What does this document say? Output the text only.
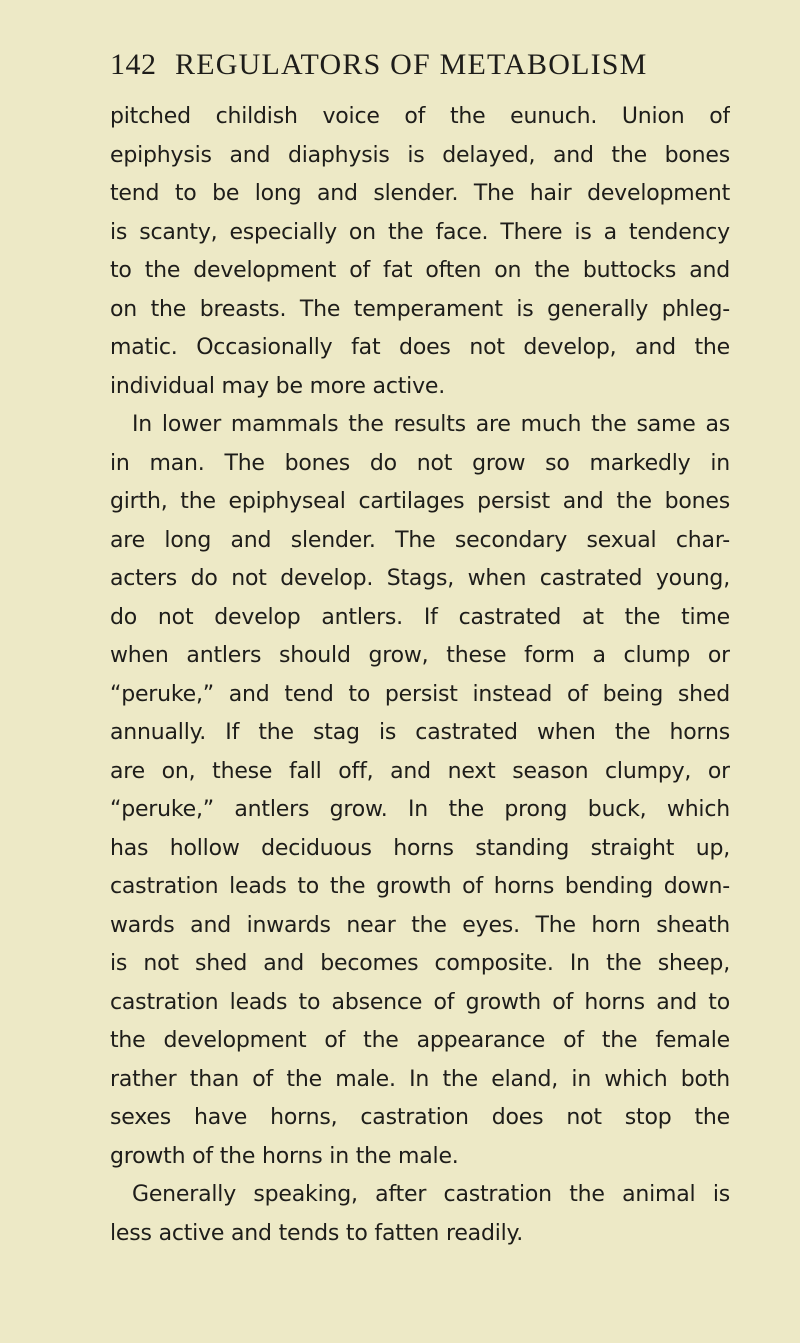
142 REGULATORS OF METABOLISM
pitched childish voice of the eunuch. Union of
epiphysis and diaphysis is delayed, and the bones
tend to be long and slender. The hair development
is scanty, especially on the face. There is a tendency
to the development of fat often on the buttocks and
on the breasts. The temperament is generally phleg-
matic. Occasionally fat does not develop, and the
individual may be more active.
In lower mammals the results are much the same as
in man. The bones do not grow so markedly in
girth, the epiphyseal cartilages persist and the bones
are long and slender. The secondary sexual char-
acters do not develop. Stags, when castrated young,
do not develop antlers. If castrated at the time
when antlers should grow, these form a clump or
“peruke,” and tend to persist instead of being shed
annually. If the stag is castrated when the horns
are on, these fall off, and next season clumpy, or
“peruke,” antlers grow. In the prong buck, which
has hollow deciduous horns standing straight up,
castration leads to the growth of horns bending down-
wards and inwards near the eyes. The horn sheath
is not shed and becomes composite. In the sheep,
castration leads to absence of growth of horns and to
the development of the appearance of the female
rather than of the male. In the eland, in which both
sexes have horns, castration does not stop the
growth of the horns in the male.
Generally speaking, after castration the animal is
less active and tends to fatten readily.
